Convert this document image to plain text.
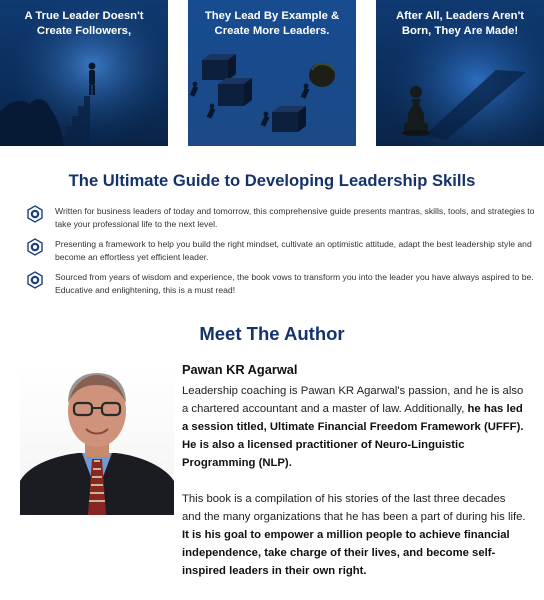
A True Leader Doesn't Create Followers,
They Lead By Example & Create More Leaders.
After All, Leaders Aren't Born, They Are Made!
The Ultimate Guide to Developing Leadership Skills
Written for business leaders of today and tomorrow, this comprehensive guide presents mantras, skills, tools, and strategies to take your professional life to the next level.
Presenting a framework to help you build the right mindset, cultivate an optimistic attitude, adapt the best leadership style and become an effortless yet efficient leader.
Sourced from years of wisdom and experience, the book vows to transform you into the leader you have always aspired to be. Educative and enlightening, this is a must read!
Meet The Author
Pawan KR Agarwal
Leadership coaching is Pawan KR Agarwal's passion, and he is also a chartered accountant and a master of law. Additionally, he has led a session titled, Ultimate Financial Freedom Framework (UFFF). He is also a licensed practitioner of Neuro-Linguistic Programming (NLP).
This book is a compilation of his stories of the last three decades and the many organizations that he has been a part of during his life. It is his goal to empower a million people to achieve financial independence, take charge of their lives, and become self-inspired leaders in their own right.
